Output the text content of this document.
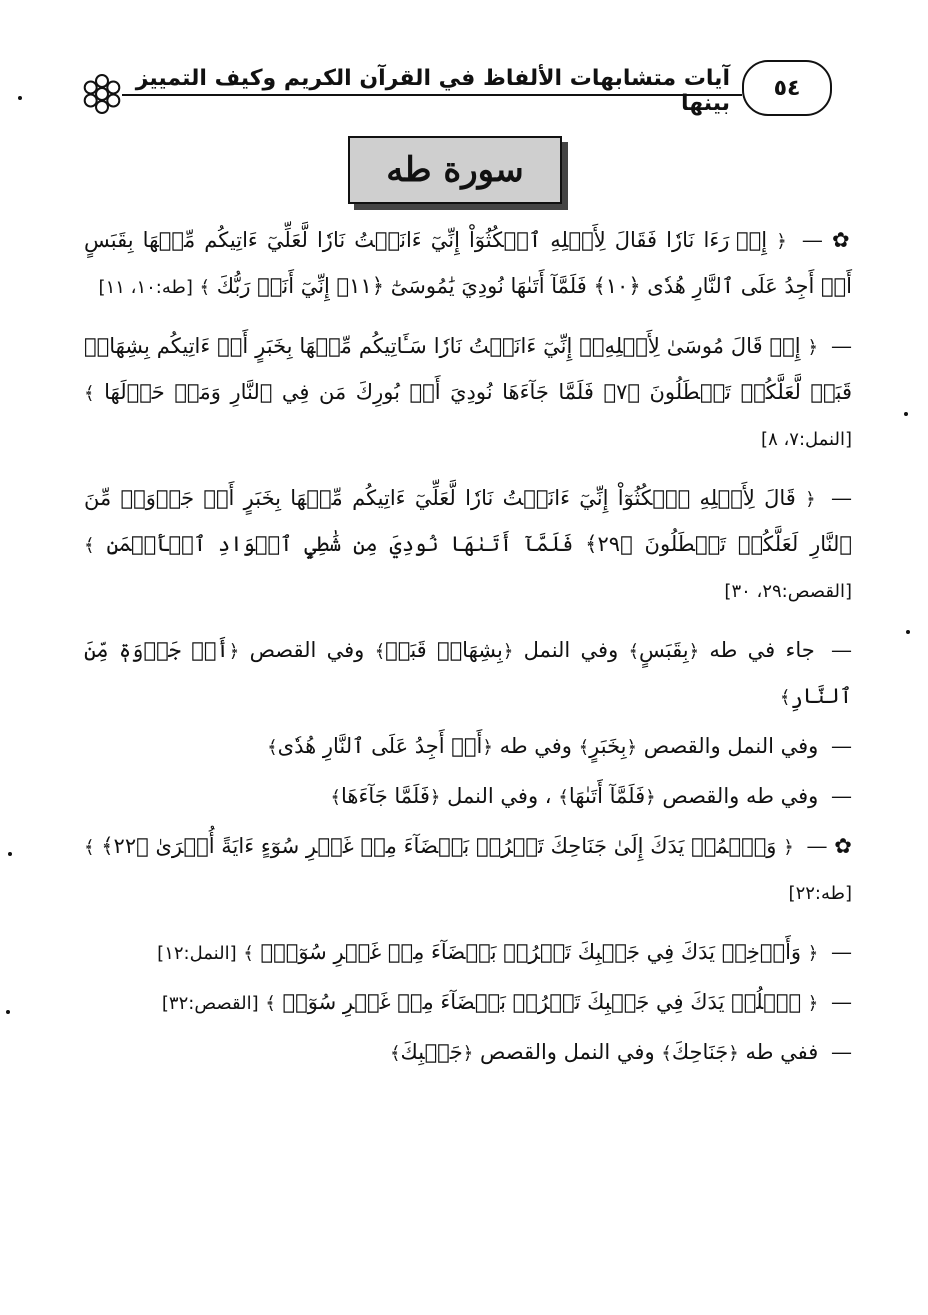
٥٤
آيات متشابهات الألفاظ في القرآن الكريم وكيف التمييز بينها
سورة طه
✿ — ﴿ إِذۡ رَءَا نَارٗا فَقَالَ لِأَهۡلِهِ ٱمۡكُثُوٓاْ إِنِّيٓ ءَانَسۡتُ نَارٗا لَّعَلِّيٓ ءَاتِيكُم مِّنۡهَا بِقَبَسٍ أَوۡ أَجِدُ عَلَى ٱلنَّارِ هُدٗى ﴿١٠﴾ فَلَمَّآ أَتَىٰهَا نُودِيَ يَٰمُوسَىٰٓ ﴿١١﴾ إِنِّيٓ أَنَا۠ رَبُّكَ ﴾ [طه:١٠، ١١]
— ﴿ إِذۡ قَالَ مُوسَىٰ لِأَهۡلِهِۦٓ إِنِّيٓ ءَانَسۡتُ نَارٗا سَـَٔاتِيكُم مِّنۡهَا بِخَبَرٍ أَوۡ ءَاتِيكُم بِشِهَابٖ قَبَسٖ لَّعَلَّكُمۡ تَصۡطَلُونَ ﴿٧﴾ فَلَمَّا جَآءَهَا نُودِيَ أَنۢ بُورِكَ مَن فِي ٱلنَّارِ وَمَنۡ حَوۡلَهَا ﴾ [النمل:٧، ٨]
— ﴿ قَالَ لِأَهۡلِهِ ٱمۡكُثُوٓاْ إِنِّيٓ ءَانَسۡتُ نَارٗا لَّعَلِّيٓ ءَاتِيكُم مِّنۡهَا بِخَبَرٍ أَوۡ جَذۡوَةٖ مِّنَ ٱلنَّارِ لَعَلَّكُمۡ تَصۡطَلُونَ ﴿٢٩﴾ فَلَمَّآ أَتَىٰهَا نُودِيَ مِن شَٰطِيِٕ ٱلۡوَادِ ٱلۡأَيۡمَنِ ﴾ [القصص:٢٩، ٣٠]
— جاء في طه ﴿بِقَبَسٍ﴾ وفي النمل ﴿بِشِهَابٖ قَبَسٖ﴾ وفي القصص ﴿أَوۡ جَذۡوَةٖ مِّنَ ٱلنَّارِ﴾
— وفي النمل والقصص ﴿بِخَبَرٍ﴾ وفي طه ﴿أَوۡ أَجِدُ عَلَى ٱلنَّارِ هُدٗى﴾
— وفي طه والقصص ﴿فَلَمَّآ أَتَىٰهَا﴾ ، وفي النمل ﴿فَلَمَّا جَآءَهَا﴾
✿ — ﴿ وَٱضۡمُمۡ يَدَكَ إِلَىٰ جَنَاحِكَ تَخۡرُجۡ بَيۡضَآءَ مِنۡ غَيۡرِ سُوٓءٍ ءَايَةً أُخۡرَىٰ ﴿٢٢﴾ ﴾ [طه:٢٢]
— ﴿ وَأَدۡخِلۡ يَدَكَ فِي جَيۡبِكَ تَخۡرُجۡ بَيۡضَآءَ مِنۡ غَيۡرِ سُوٓءٖۖ ﴾ [النمل:١٢]
— ﴿ ٱسۡلُكۡ يَدَكَ فِي جَيۡبِكَ تَخۡرُجۡ بَيۡضَآءَ مِنۡ غَيۡرِ سُوٓءٖ ﴾ [القصص:٣٢]
— ففي طه ﴿جَنَاحِكَ﴾ وفي النمل والقصص ﴿جَيۡبِكَ﴾
